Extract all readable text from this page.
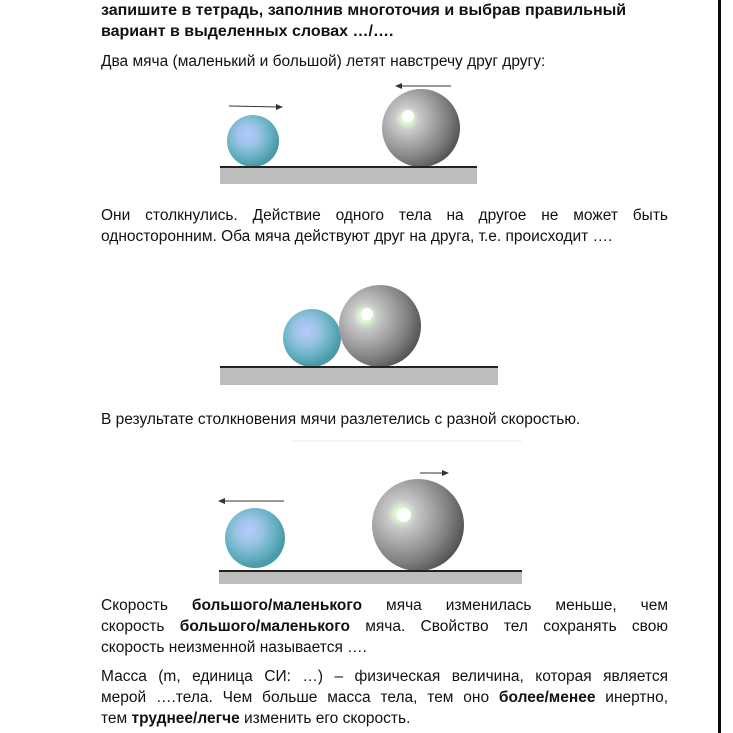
запишите в тетрадь, заполнив многоточия и выбрав правильный
вариант в выделенных словах …/….
Два мяча (маленький и большой) летят навстречу друг другу:
Они столкнулись. Действие одного тела на другое не может быть
односторонним. Оба мяча действуют друг на друга, т.е. происходит ….
В результате столкновения мячи разлетелись с разной скоростью.
Скорость большого/маленького мяча изменилась меньше, чем
скорость большого/маленького мяча. Свойство тел сохранять свою
скорость неизменной называется ….
Масса (m, единица СИ: …) – физическая величина, которая является
мерой ….тела. Чем больше масса тела, тем оно более/менее инертно,
тем труднее/легче изменить его скорость.
